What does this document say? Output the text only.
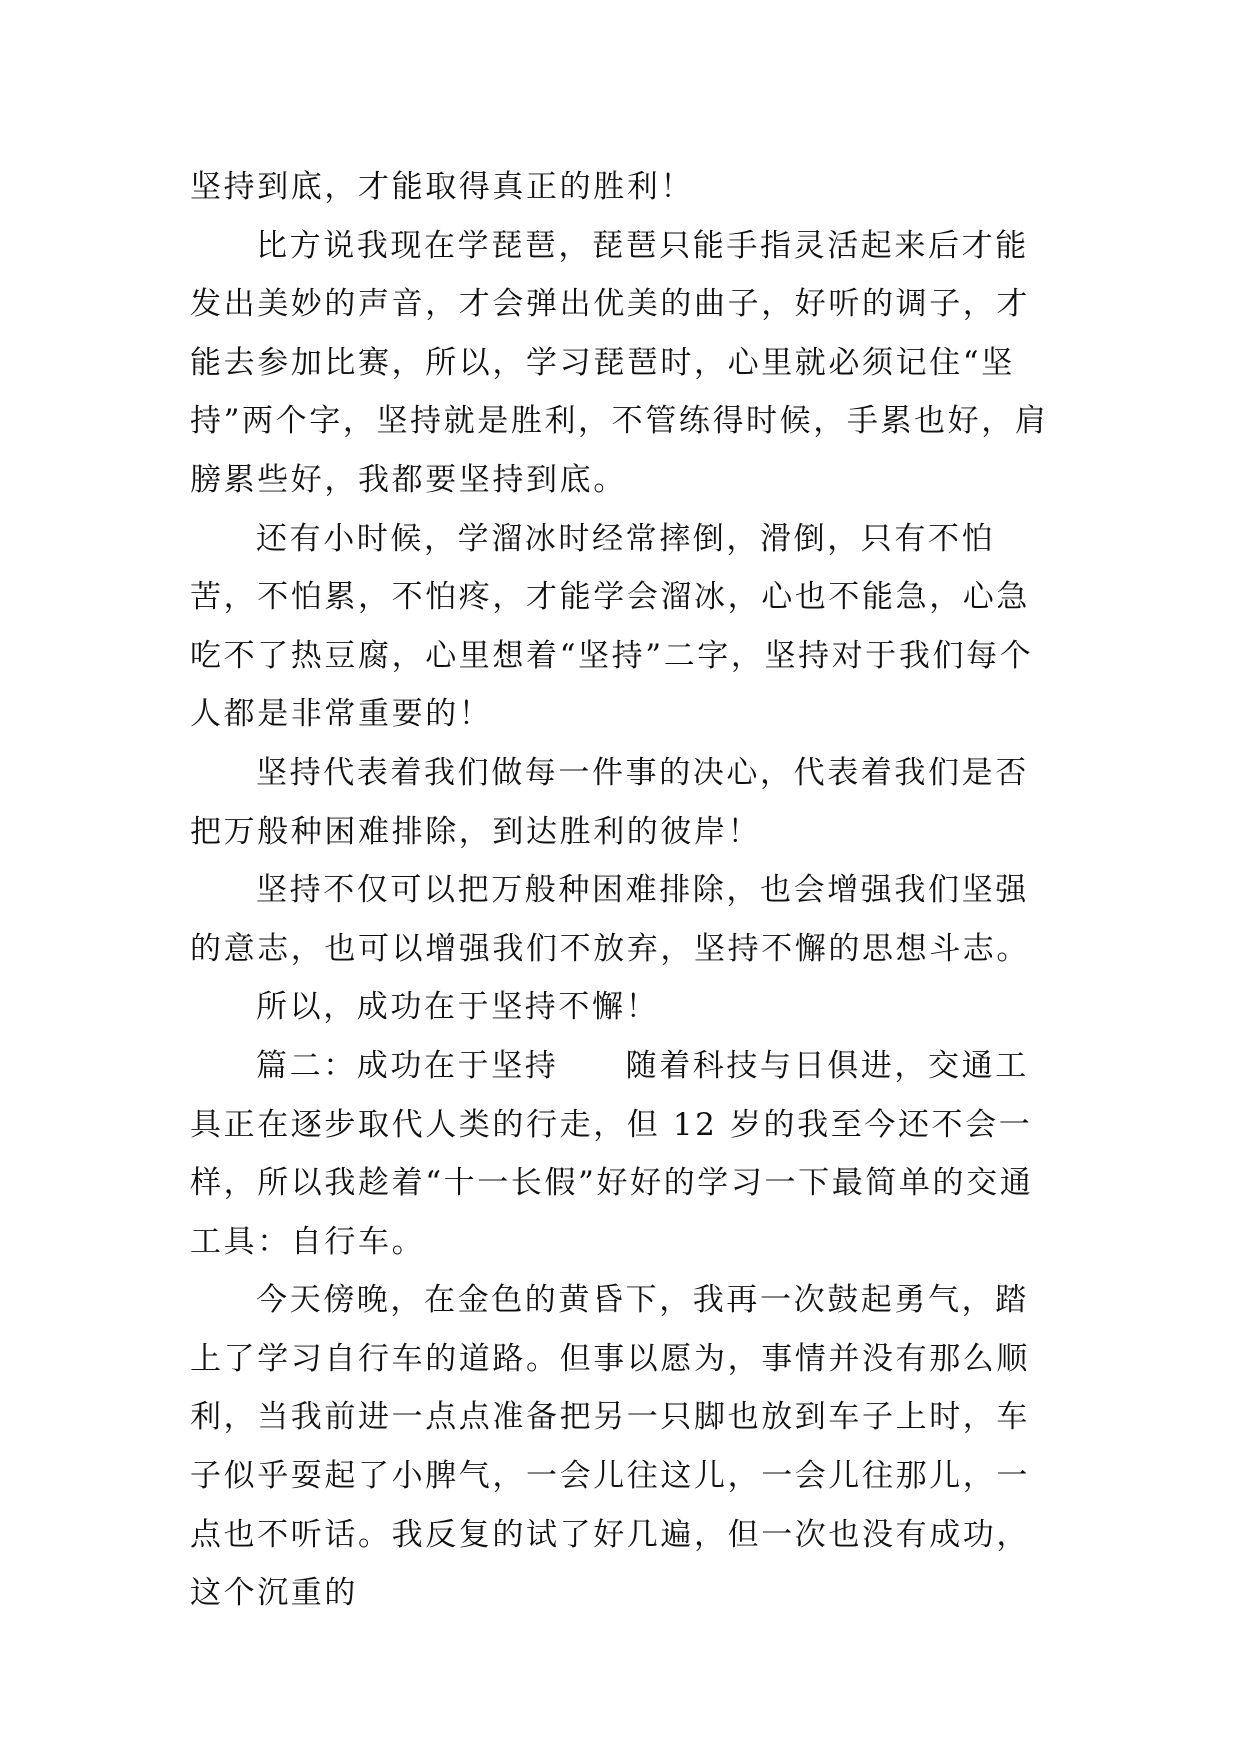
坚持到底，才能取得真正的胜利！

比方说我现在学琵琶，琵琶只能手指灵活起来后才能发出美妙的声音，才会弹出优美的曲子，好听的调子，才能去参加比赛，所以，学习琵琶时，心里就必须记住“坚持”两个字，坚持就是胜利，不管练得时候，手累也好，肩膀累些好，我都要坚持到底。

还有小时候，学溜冰时经常摔倒，滑倒，只有不怕苦，不怕累，不怕疼，才能学会溜冰，心也不能急，心急吃不了热豆腐，心里想着“坚持”二字，坚持对于我们每个人都是非常重要的！

坚持代表着我们做每一件事的决心，代表着我们是否把万般种困难排除，到达胜利的彼岸！

坚持不仅可以把万般种困难排除，也会增强我们坚强的意志，也可以增强我们不放弃，坚持不懈的思想斗志。

所以，成功在于坚持不懈！

篇二：成功在于坚持　　随着科技与日俱进，交通工具正在逐步取代人类的行走，但 12 岁的我至今还不会一样，所以我趁着“十一长假”好好的学习一下最简单的交通工具：自行车。

今天傍晚，在金色的黄昏下，我再一次鼓起勇气，踏上了学习自行车的道路。但事以愿为，事情并没有那么顺利，当我前进一点点准备把另一只脚也放到车子上时，车子似乎耍起了小脾气，一会儿往这儿，一会儿往那儿，一点也不听话。我反复的试了好几遍，但一次也没有成功，这个沉重的
